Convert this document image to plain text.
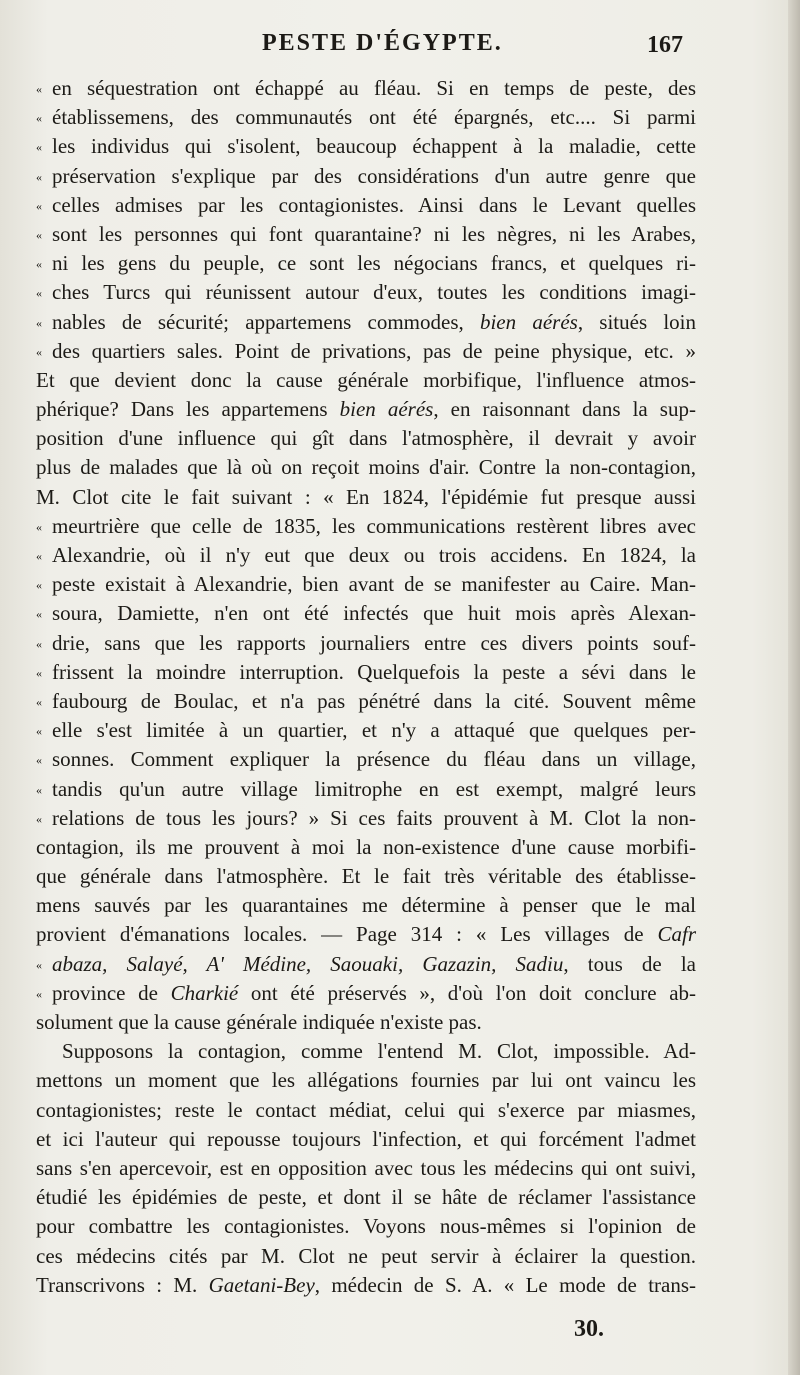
PESTE D'ÉGYPTE.	167
« en séquestration ont échappé au fléau. Si en temps de peste, des
« établissemens, des communautés ont été épargnés, etc.... Si parmi
« les individus qui s'isolent, beaucoup échappent à la maladie, cette
« préservation s'explique par des considérations d'un autre genre que
« celles admises par les contagionistes. Ainsi dans le Levant quelles
« sont les personnes qui font quarantaine? ni les nègres, ni les Arabes,
« ni les gens du peuple, ce sont les négocians francs, et quelques ri-
« ches Turcs qui réunissent autour d'eux, toutes les conditions imagi-
« nables de sécurité; appartemens commodes, bien aérés, situés loin
« des quartiers sales. Point de privations, pas de peine physique, etc. »
Et que devient donc la cause générale morbifique, l'influence atmos-
phérique? Dans les appartemens bien aérés, en raisonnant dans la sup-
position d'une influence qui gît dans l'atmosphère, il devrait y avoir
plus de malades que là où on reçoit moins d'air. Contre la non-contagion,
M. Clot cite le fait suivant : « En 1824, l'épidémie fut presque aussi
« meurtrière que celle de 1835, les communications restèrent libres avec
« Alexandrie, où il n'y eut que deux ou trois accidens. En 1824, la
« peste existait à Alexandrie, bien avant de se manifester au Caire. Man-
« soura, Damiette, n'en ont été infectés que huit mois après Alexan-
« drie, sans que les rapports journaliers entre ces divers points souf-
« frissent la moindre interruption. Quelquefois la peste a sévi dans le
« faubourg de Boulac, et n'a pas pénétré dans la cité. Souvent même
« elle s'est limitée à un quartier, et n'y a attaqué que quelques per-
« sonnes. Comment expliquer la présence du fléau dans un village,
« tandis qu'un autre village limitrophe en est exempt, malgré leurs
« relations de tous les jours? » Si ces faits prouvent à M. Clot la non-
contagion, ils me prouvent à moi la non-existence d'une cause morbifi-
que générale dans l'atmosphère. Et le fait très véritable des établisse-
mens sauvés par les quarantaines me détermine à penser que le mal
provient d'émanations locales. — Page 314 : « Les villages de Cafr
« abaza, Salayé, A' Médine, Saouaki, Gazazin, Sadiu, tous de la
« province de Charkié ont été préservés », d'où l'on doit conclure ab-
solument que la cause générale indiquée n'existe pas.
Supposons la contagion, comme l'entend M. Clot, impossible. Ad-
mettons un moment que les allégations fournies par lui ont vaincu les
contagionistes; reste le contact médiat, celui qui s'exerce par miasmes,
et ici l'auteur qui repousse toujours l'infection, et qui forcément l'admet
sans s'en apercevoir, est en opposition avec tous les médecins qui ont suivi,
étudié les épidémies de peste, et dont il se hâte de réclamer l'assistance
pour combattre les contagionistes. Voyons nous-mêmes si l'opinion de
ces médecins cités par M. Clot ne peut servir à éclairer la question.
Transcrivons : M. Gaetani-Bey, médecin de S. A. « Le mode de trans-
30.
